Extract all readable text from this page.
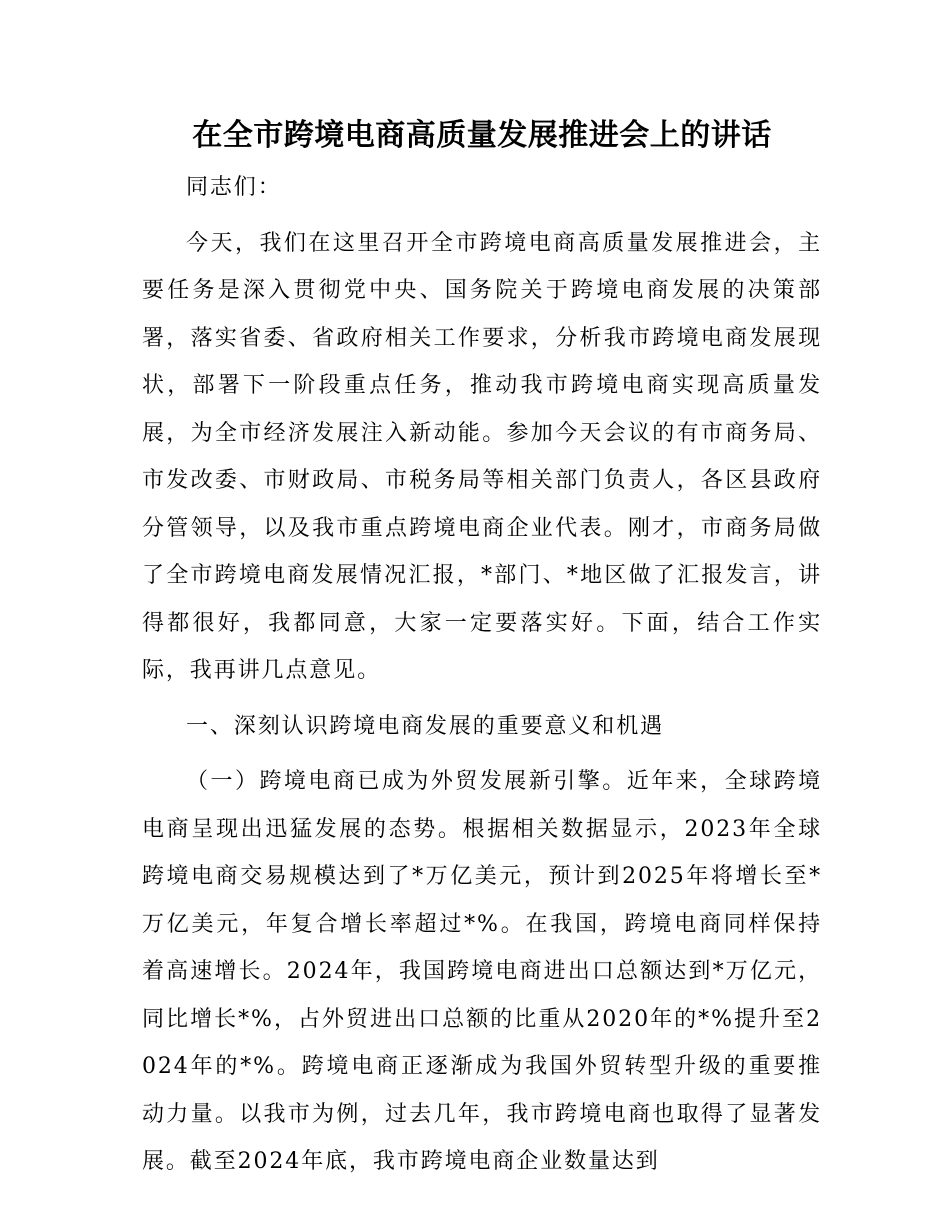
在全市跨境电商高质量发展推进会上的讲话

同志们：

今天，我们在这里召开全市跨境电商高质量发展推进会，主要任务是深入贯彻党中央、国务院关于跨境电商发展的决策部署，落实省委、省政府相关工作要求，分析我市跨境电商发展现状，部署下一阶段重点任务，推动我市跨境电商实现高质量发展，为全市经济发展注入新动能。参加今天会议的有市商务局、市发改委、市财政局、市税务局等相关部门负责人，各区县政府分管领导，以及我市重点跨境电商企业代表。刚才，市商务局做了全市跨境电商发展情况汇报，*部门、*地区做了汇报发言，讲得都很好，我都同意，大家一定要落实好。下面，结合工作实际，我再讲几点意见。

一、深刻认识跨境电商发展的重要意义和机遇

（一）跨境电商已成为外贸发展新引擎。近年来，全球跨境电商呈现出迅猛发展的态势。根据相关数据显示，2023年全球跨境电商交易规模达到了*万亿美元，预计到2025年将增长至*万亿美元，年复合增长率超过*%。在我国，跨境电商同样保持着高速增长。2024年，我国跨境电商进出口总额达到*万亿元，同比增长*%，占外贸进出口总额的比重从2020年的*%提升至2024年的*%。跨境电商正逐渐成为我国外贸转型升级的重要推动力量。以我市为例，过去几年，我市跨境电商也取得了显著发展。截至2024年底，我市跨境电商企业数量达到
